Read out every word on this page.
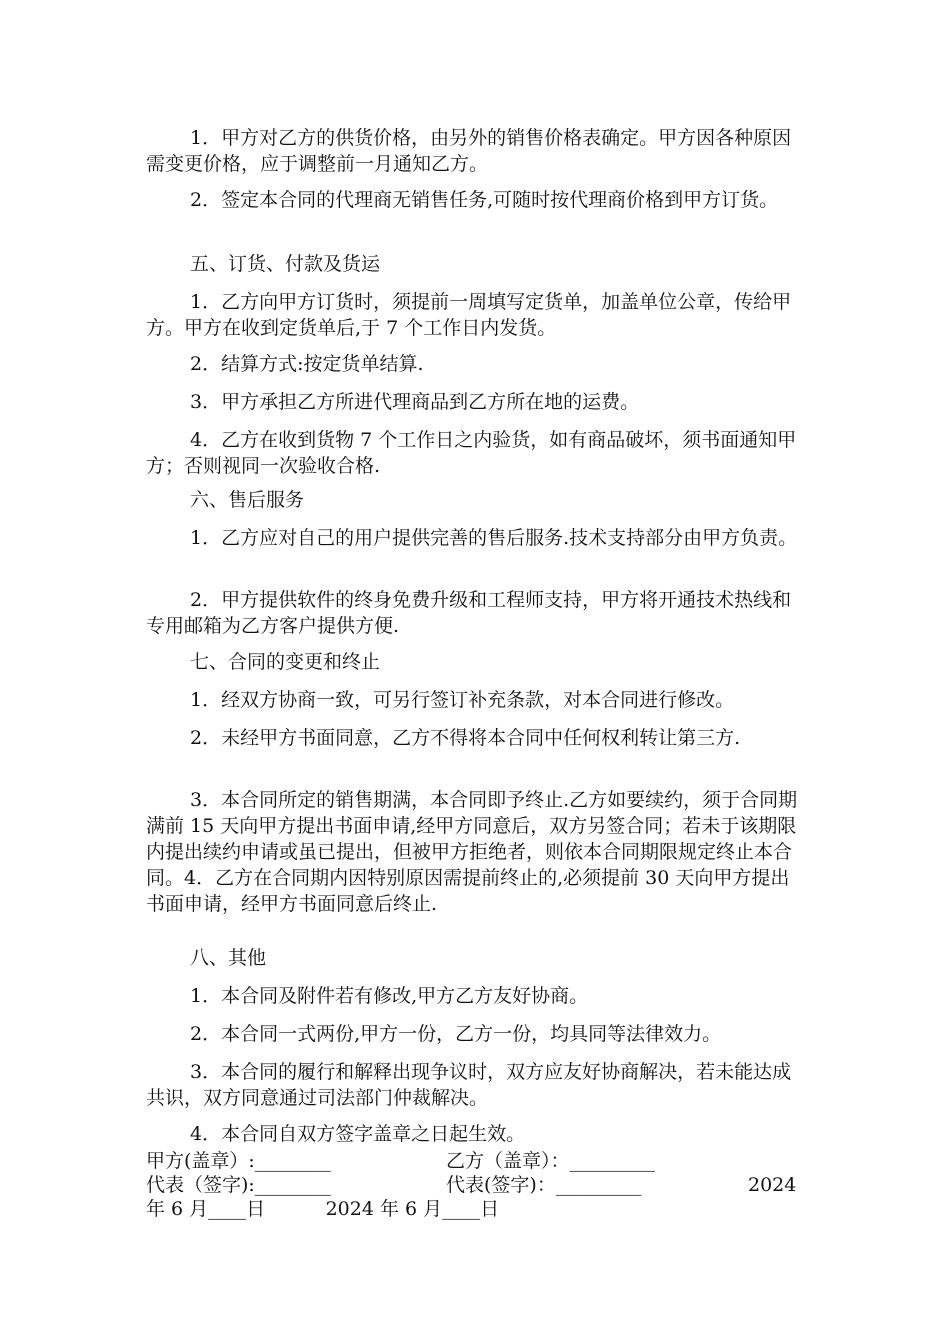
1．甲方对乙方的供货价格，由另外的销售价格表确定。甲方因各种原因需变更价格，应于调整前一月通知乙方。

2．签定本合同的代理商无销售任务,可随时按代理商价格到甲方订货。

五、订货、付款及货运

1．乙方向甲方订货时，须提前一周填写定货单，加盖单位公章，传给甲方。甲方在收到定货单后,于 7 个工作日内发货。

2．结算方式:按定货单结算.

3．甲方承担乙方所进代理商品到乙方所在地的运费。

4．乙方在收到货物 7 个工作日之内验货，如有商品破坏，须书面通知甲方；否则视同一次验收合格.

六、售后服务

1．乙方应对自己的用户提供完善的售后服务.技术支持部分由甲方负责。

2．甲方提供软件的终身免费升级和工程师支持，甲方将开通技术热线和专用邮箱为乙方客户提供方便.

七、合同的变更和终止

1．经双方协商一致，可另行签订补充条款，对本合同进行修改。

2．未经甲方书面同意，乙方不得将本合同中任何权利转让第三方.

3．本合同所定的销售期满，本合同即予终止.乙方如要续约，须于合同期满前 15 天向甲方提出书面申请,经甲方同意后，双方另签合同；若未于该期限内提出续约申请或虽已提出，但被甲方拒绝者，则依本合同期限规定终止本合同。4．乙方在合同期内因特别原因需提前终止的,必须提前 30 天向甲方提出书面申请，经甲方书面同意后终止.

八、其他

1．本合同及附件若有修改,甲方乙方友好协商。

2．本合同一式两份,甲方一份，乙方一份，均具同等法律效力。

3．本合同的履行和解释出现争议时，双方应友好协商解决，若未能达成共识，双方同意通过司法部门仲裁解决。

4．本合同自双方签字盖章之日起生效。

甲方(盖章）:________	乙方（盖章）：_________
代表（签字):________	代表(签字)：_________	2024
年 6 月____日          2024 年 6 月____日
